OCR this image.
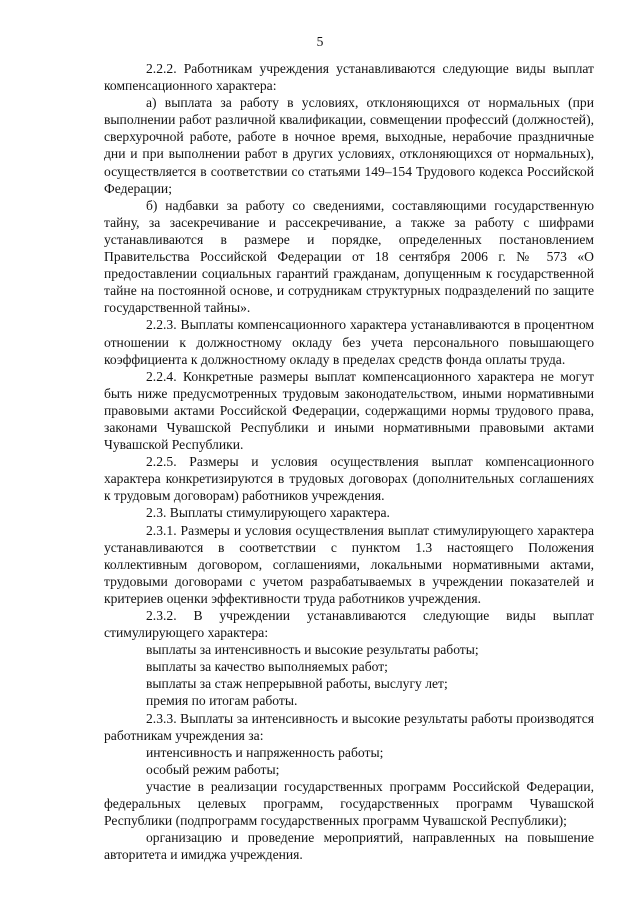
5

2.2.2. Работникам учреждения устанавливаются следующие виды выплат компенсационного характера:

а) выплата за работу в условиях, отклоняющихся от нормальных (при выполнении работ различной квалификации, совмещении профессий (должностей), сверхурочной работе, работе в ночное время, выходные, нерабочие праздничные дни и при выполнении работ в других условиях, отклоняющихся от нормальных), осуществляется в соответствии со статьями 149–154 Трудового кодекса Российской Федерации;

б) надбавки за работу со сведениями, составляющими государственную тайну, за засекречивание и рассекречивание, а также за работу с шифрами устанавливаются в размере и порядке, определенных постановлением Правительства Российской Федерации от 18 сентября 2006 г. № 573 «О предоставлении социальных гарантий гражданам, допущенным к государственной тайне на постоянной основе, и сотрудникам структурных подразделений по защите государственной тайны».

2.2.3. Выплаты компенсационного характера устанавливаются в процентном отношении к должностному окладу без учета персонального повышающего коэффициента к должностному окладу в пределах средств фонда оплаты труда.

2.2.4. Конкретные размеры выплат компенсационного характера не могут быть ниже предусмотренных трудовым законодательством, иными нормативными правовыми актами Российской Федерации, содержащими нормы трудового права, законами Чувашской Республики и иными нормативными правовыми актами Чувашской Республики.

2.2.5. Размеры и условия осуществления выплат компенсационного характера конкретизируются в трудовых договорах (дополнительных соглашениях к трудовым договорам) работников учреждения.

2.3. Выплаты стимулирующего характера.

2.3.1. Размеры и условия осуществления выплат стимулирующего характера устанавливаются в соответствии с пунктом 1.3 настоящего Положения коллективным договором, соглашениями, локальными нормативными актами, трудовыми договорами с учетом разрабатываемых в учреждении показателей и критериев оценки эффективности труда работников учреждения.

2.3.2. В учреждении устанавливаются следующие виды выплат стимулирующего характера:

выплаты за интенсивность и высокие результаты работы;

выплаты за качество выполняемых работ;

выплаты за стаж непрерывной работы, выслугу лет;

премия по итогам работы.

2.3.3. Выплаты за интенсивность и высокие результаты работы производятся работникам учреждения за:

интенсивность и напряженность работы;

особый режим работы;

участие в реализации государственных программ Российской Федерации, федеральных целевых программ, государственных программ Чувашской Республики (подпрограмм государственных программ Чувашской Республики);

организацию и проведение мероприятий, направленных на повышение авторитета и имиджа учреждения.
